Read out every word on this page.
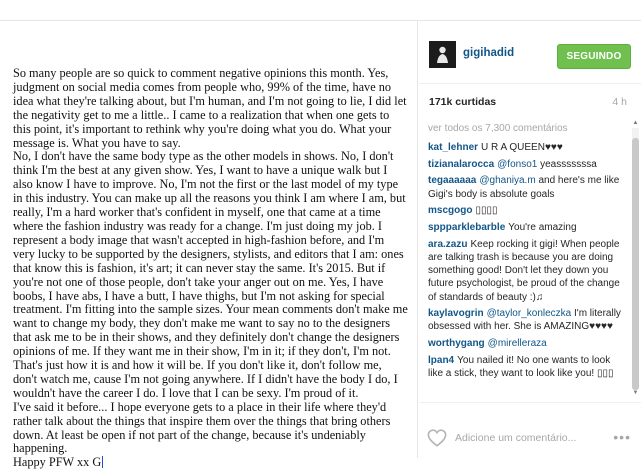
So many people are so quick to comment negative opinions this month. Yes, judgment on social media comes from people who, 99% of the time, have no idea what they're talking about, but I'm human, and I'm not going to lie, I did let the negativity get to me a little.. I came to a realization that when one gets to this point, it's important to rethink why you're doing what you do. What your message is. What you have to say.

No, I don't have the same body type as the other models in shows. No, I don't think I'm the best at any given show. Yes, I want to have a unique walk but I also know I have to improve. No, I'm not the first or the last model of my type in this industry. You can make up all the reasons you think I am where I am, but really, I'm a hard worker that's confident in myself, one that came at a time where the fashion industry was ready for a change. I'm just doing my job. I represent a body image that wasn't accepted in high-fashion before, and I'm very lucky to be supported by the designers, stylists, and editors that I am: ones that know this is fashion, it's art; it can never stay the same. It's 2015. But if you're not one of those people, don't take your anger out on me. Yes, I have boobs, I have abs, I have a butt, I have thighs, but I'm not asking for special treatment. I'm fitting into the sample sizes. Your mean comments don't make me want to change my body, they don't make me want to say no to the designers that ask me to be in their shows, and they definitely don't change the designers opinions of me. If they want me in their show, I'm in it; if they don't, I'm not. That's just how it is and how it will be. If you don't like it, don't follow me, don't watch me, cause I'm not going anywhere. If I didn't have the body I do, I wouldn't have the career I do. I love that I can be sexy. I'm proud of it.

I've said it before... I hope everyone gets to a place in their life where they'd rather talk about the things that inspire them over the things that bring others down. At least be open if not part of the change, because it's undeniably happening.

Happy PFW xx G

gigihadid	SEGUINDO
171k curtidas	4 h
ver todos os 7,300 comentários
kat_lehner U R A QUEEN♥♥♥
tizianalarocca @fonso1 yeasssssssa
tegaaaaaa @ghaniya.m and here's me like Gigi's body is absolute goals
mscgogo ▯▯▯▯
sppparklebarble You're amazing
ara.zazu Keep rocking it gigi! When people are talking trash is because you are doing something good! Don't let they down you future psychologist, be proud of the change of standards of beauty :)♫
kaylavogrin @taylor_konleczka I'm literally obsessed with her. She is AMAZING♥♥♥♥
worthygang @mirelleraza
lpan4 You nailed it! No one wants to look like a stick, they want to look like you! ▯▯▯
Adicione um comentário...
•••
▲
▼
